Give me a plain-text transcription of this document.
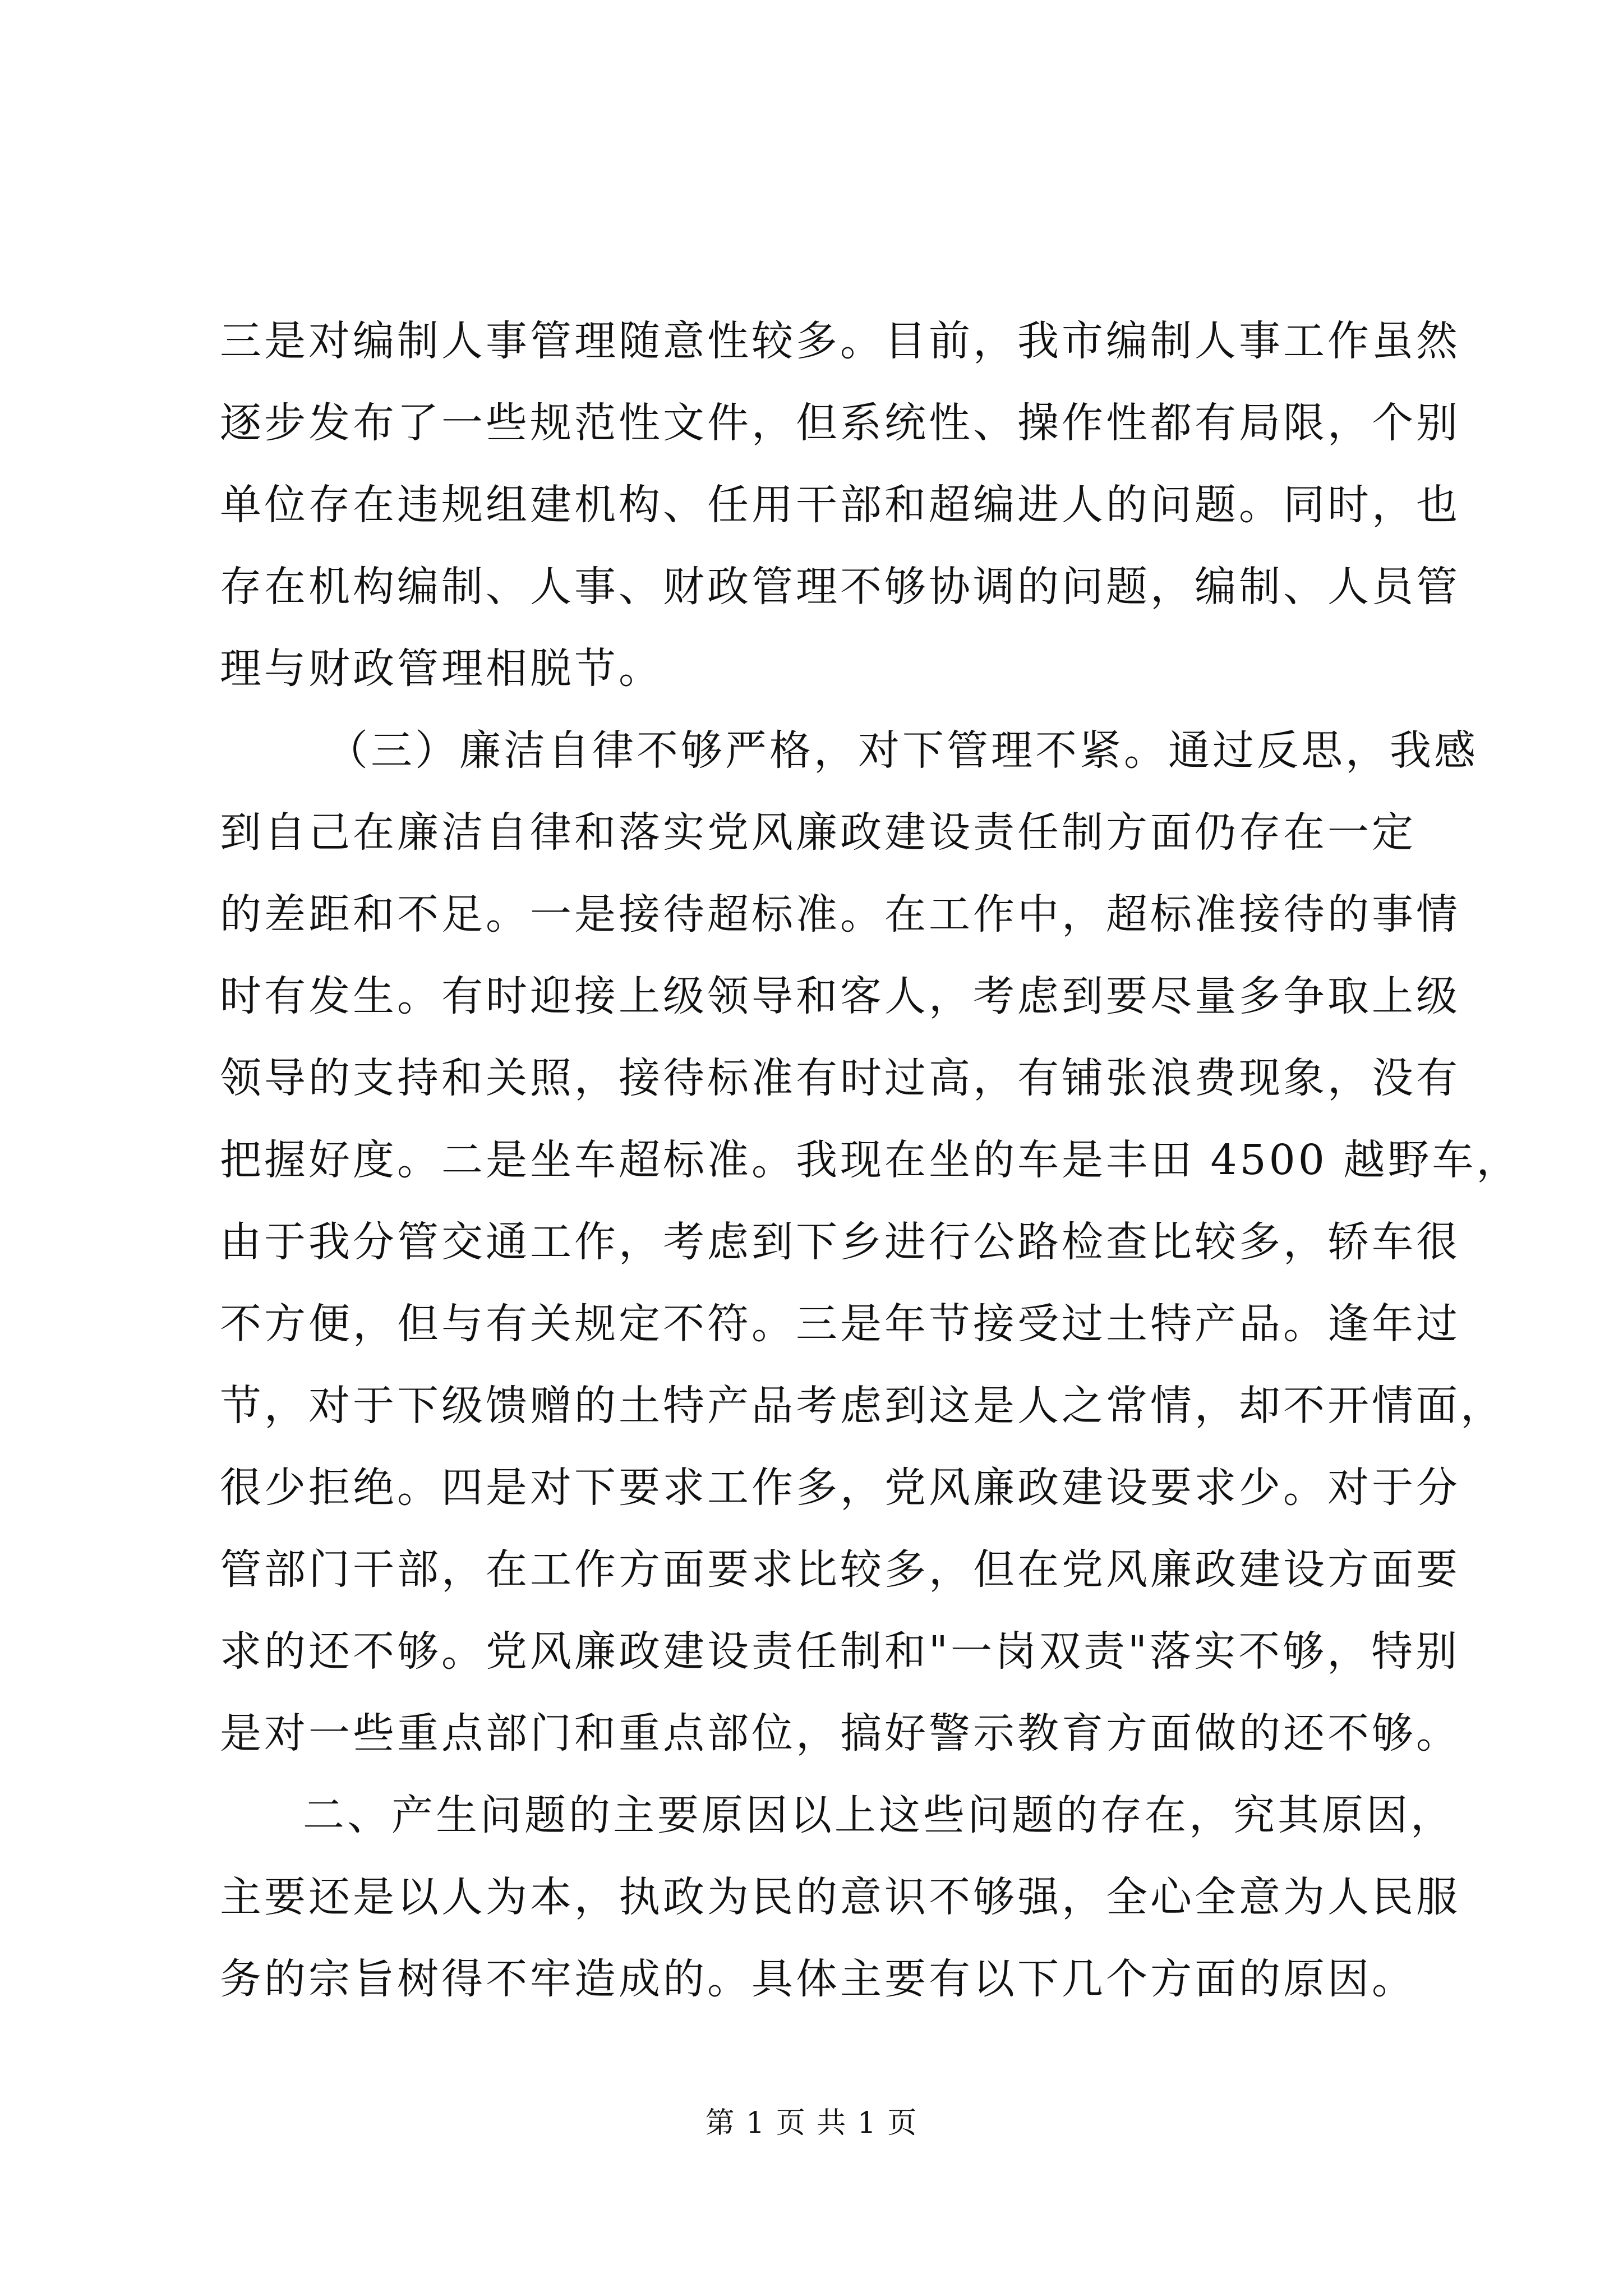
三是对编制人事管理随意性较多。目前，我市编制人事工作虽然
逐步发布了一些规范性文件，但系统性、操作性都有局限，个别
单位存在违规组建机构、任用干部和超编进人的问题。同时，也
存在机构编制、人事、财政管理不够协调的问题，编制、人员管
理与财政管理相脱节。
（三）廉洁自律不够严格，对下管理不紧。通过反思，我感
到自己在廉洁自律和落实党风廉政建设责任制方面仍存在一定
的差距和不足。一是接待超标准。在工作中，超标准接待的事情
时有发生。有时迎接上级领导和客人，考虑到要尽量多争取上级
领导的支持和关照，接待标准有时过高，有铺张浪费现象，没有
把握好度。二是坐车超标准。我现在坐的车是丰田 4500 越野车，
由于我分管交通工作，考虑到下乡进行公路检查比较多，轿车很
不方便，但与有关规定不符。三是年节接受过土特产品。逢年过
节，对于下级馈赠的土特产品考虑到这是人之常情，却不开情面，
很少拒绝。四是对下要求工作多，党风廉政建设要求少。对于分
管部门干部，在工作方面要求比较多，但在党风廉政建设方面要
求的还不够。党风廉政建设责任制和"一岗双责"落实不够，特别
是对一些重点部门和重点部位，搞好警示教育方面做的还不够。
二、产生问题的主要原因以上这些问题的存在，究其原因，
主要还是以人为本，执政为民的意识不够强，全心全意为人民服
务的宗旨树得不牢造成的。具体主要有以下几个方面的原因。
第 1 页 共 1 页
